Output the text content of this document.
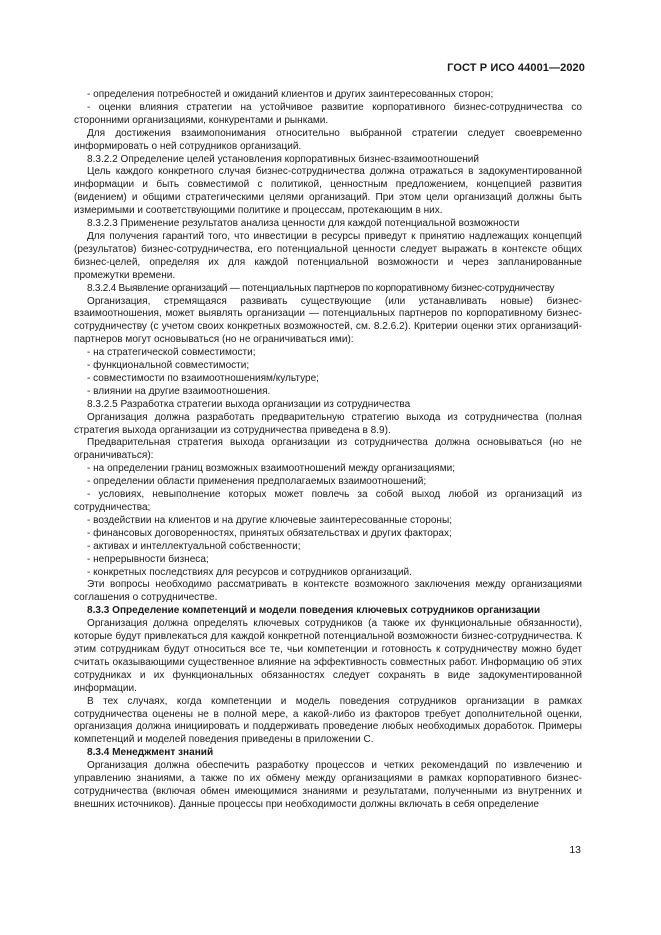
ГОСТ Р ИСО 44001—2020

- определения потребностей и ожиданий клиентов и других заинтересованных сторон;

- оценки влияния стратегии на устойчивое развитие корпоративного бизнес-сотрудничества со сторонними организациями, конкурентами и рынками.

Для достижения взаимопонимания относительно выбранной стратегии следует своевременно информировать о ней сотрудников организаций.

8.3.2.2 Определение целей установления корпоративных бизнес-взаимоотношений

Цель каждого конкретного случая бизнес-сотрудничества должна отражаться в задокументированной информации и быть совместимой с политикой, ценностным предложением, концепцией развития (видением) и общими стратегическими целями организаций. При этом цели организаций должны быть измеримыми и соответствующими политике и процессам, протекающим в них.

8.3.2.3 Применение результатов анализа ценности для каждой потенциальной возможности

Для получения гарантий того, что инвестиции в ресурсы приведут к принятию надлежащих концепций (результатов) бизнес-сотрудничества, его потенциальной ценности следует выражать в контексте общих бизнес-целей, определяя их для каждой потенциальной возможности и через запланированные промежутки времени.

8.3.2.4 Выявление организаций — потенциальных партнеров по корпоративному бизнес-сотрудничеству

Организация, стремящаяся развивать существующие (или устанавливать новые) бизнес-взаимоотношения, может выявлять организации — потенциальных партнеров по корпоративному бизнес-сотрудничеству (с учетом своих конкретных возможностей, см. 8.2.6.2). Критерии оценки этих организаций-партнеров могут основываться (но не ограничиваться ими):

- на стратегической совместимости;

- функциональной совместимости;

- совместимости по взаимоотношениям/культуре;

- влиянии на другие взаимоотношения.

8.3.2.5 Разработка стратегии выхода организации из сотрудничества

Организация должна разработать предварительную стратегию выхода из сотрудничества (полная стратегия выхода организации из сотрудничества приведена в 8.9).

Предварительная стратегия выхода организации из сотрудничества должна основываться (но не ограничиваться):

- на определении границ возможных взаимоотношений между организациями;

- определении области применения предполагаемых взаимоотношений;

- условиях, невыполнение которых может повлечь за собой выход любой из организаций из сотрудничества;

- воздействии на клиентов и на другие ключевые заинтересованные стороны;

- финансовых договоренностях, принятых обязательствах и других факторах;

- активах и интеллектуальной собственности;

- непрерывности бизнеса;

- конкретных последствиях для ресурсов и сотрудников организаций.

Эти вопросы необходимо рассматривать в контексте возможного заключения между организациями соглашения о сотрудничестве.

8.3.3 Определение компетенций и модели поведения ключевых сотрудников организации

Организация должна определять ключевых сотрудников (а также их функциональные обязанности), которые будут привлекаться для каждой конкретной потенциальной возможности бизнес-сотрудничества. К этим сотрудникам будут относиться все те, чьи компетенции и готовность к сотрудничеству можно будет считать оказывающими существенное влияние на эффективность совместных работ. Информацию об этих сотрудниках и их функциональных обязанностях следует сохранять в виде задокументированной информации.

В тех случаях, когда компетенции и модель поведения сотрудников организации в рамках сотрудничества оценены не в полной мере, а какой-либо из факторов требует дополнительной оценки, организация должна инициировать и поддерживать проведение любых необходимых доработок. Примеры компетенций и моделей поведения приведены в приложении С.

8.3.4 Менеджмент знаний

Организация должна обеспечить разработку процессов и четких рекомендаций по извлечению и управлению знаниями, а также по их обмену между организациями в рамках корпоративного бизнес-сотрудничества (включая обмен имеющимися знаниями и результатами, полученными из внутренних и внешних источников). Данные процессы при необходимости должны включать в себя определение

13
